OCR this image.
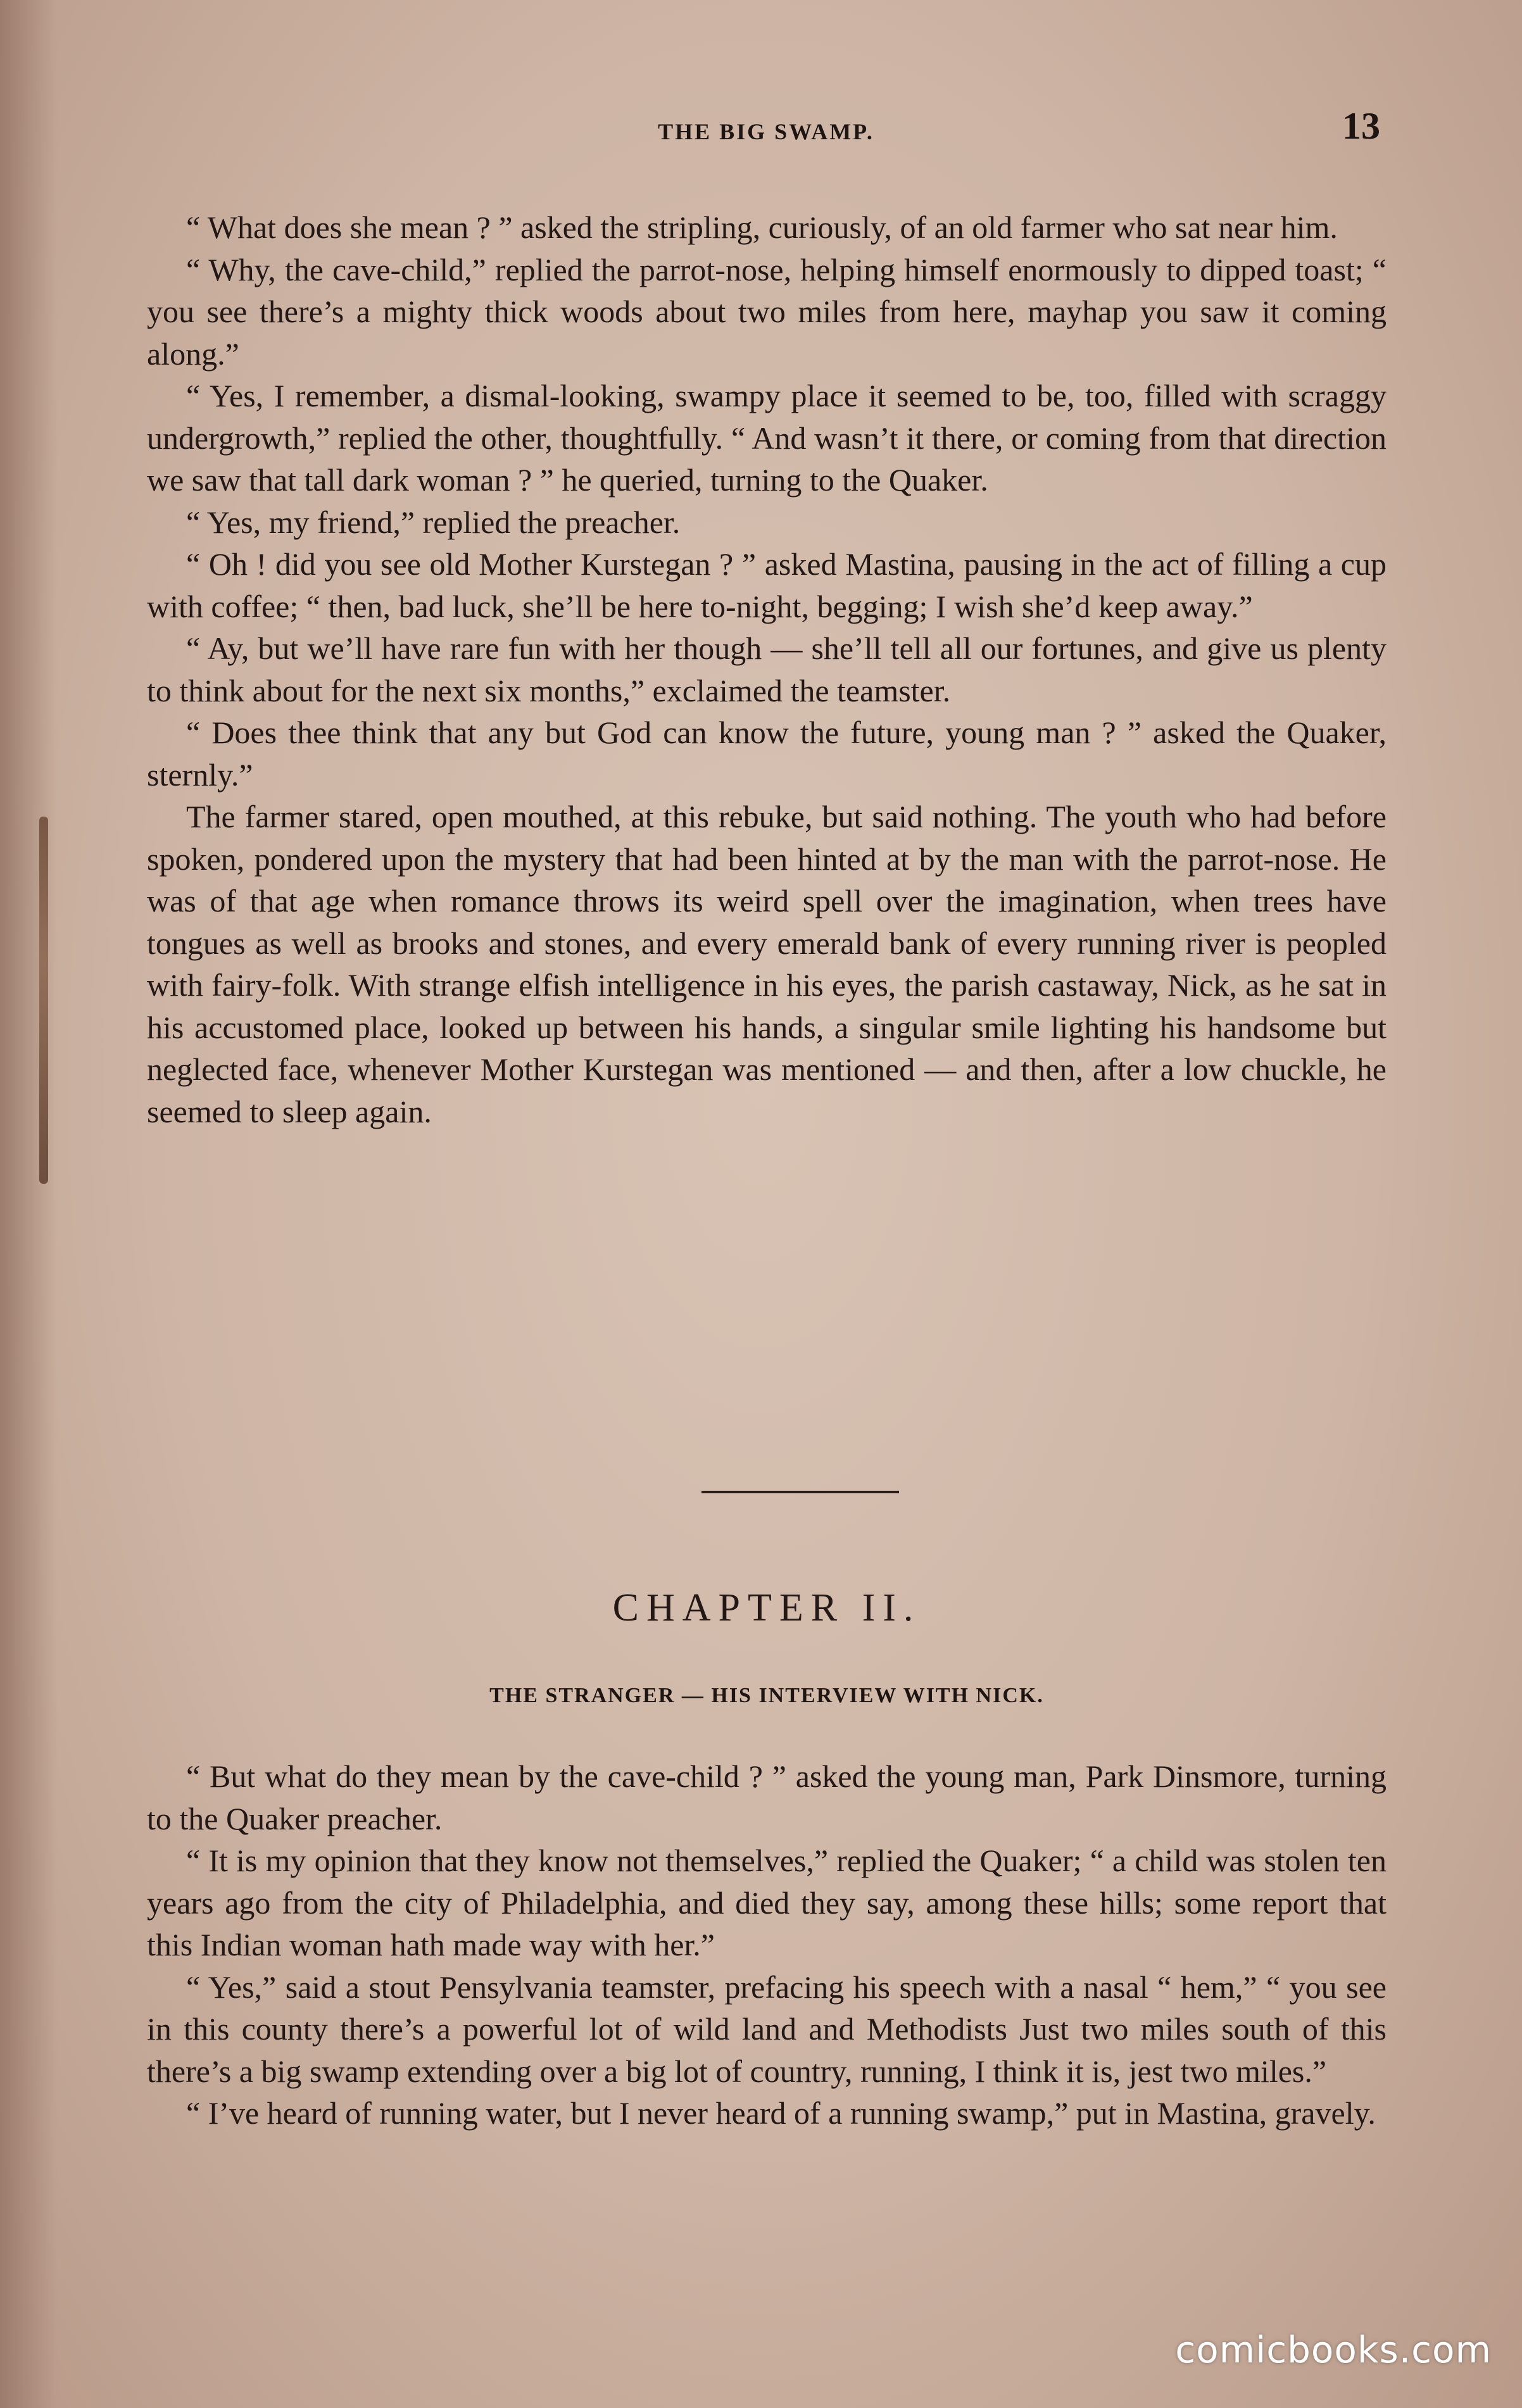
THE BIG SWAMP.	13

“ What does she mean ? ” asked the stripling, curiously, of an old farmer who sat near him.

“ Why, the cave-child,” replied the parrot-nose, helping himself enormously to dipped toast; “ you see there’s a mighty thick woods about two miles from here, mayhap you saw it coming along.”

“ Yes, I remember, a dismal-looking, swampy place it seemed to be, too, filled with scraggy undergrowth,” replied the other, thoughtfully. “ And wasn’t it there, or coming from that direction we saw that tall dark woman ? ” he queried, turning to the Quaker.

“ Yes, my friend,” replied the preacher.

“ Oh ! did you see old Mother Kurstegan ? ” asked Mastina, pausing in the act of filling a cup with coffee; “ then, bad luck, she’ll be here to-night, begging; I wish she’d keep away.”

“ Ay, but we’ll have rare fun with her though — she’ll tell all our fortunes, and give us plenty to think about for the next six months,” exclaimed the teamster.

“ Does thee think that any but God can know the future, young man ? ” asked the Quaker, sternly.”

The farmer stared, open mouthed, at this rebuke, but said nothing. The youth who had before spoken, pondered upon the mystery that had been hinted at by the man with the parrot-nose. He was of that age when romance throws its weird spell over the imagination, when trees have tongues as well as brooks and stones, and every emerald bank of every running river is peopled with fairy-folk. With strange elfish intelligence in his eyes, the parish castaway, Nick, as he sat in his accustomed place, looked up between his hands, a singular smile lighting his handsome but neglected face, whenever Mother Kurstegan was mentioned — and then, after a low chuckle, he seemed to sleep again.

CHAPTER II.
THE STRANGER — HIS INTERVIEW WITH NICK.

“ But what do they mean by the cave-child ? ” asked the young man, Park Dinsmore, turning to the Quaker preacher.

“ It is my opinion that they know not themselves,” replied the Quaker; “ a child was stolen ten years ago from the city of Philadelphia, and died they say, among these hills; some report that this Indian woman hath made way with her.”

“ Yes,” said a stout Pensylvania teamster, prefacing his speech with a nasal “ hem,” “ you see in this county there’s a powerful lot of wild land and Methodists Just two miles south of this there’s a big swamp extending over a big lot of country, running, I think it is, jest two miles.”

“ I’ve heard of running water, but I never heard of a running swamp,” put in Mastina, gravely.

comicbooks.com
